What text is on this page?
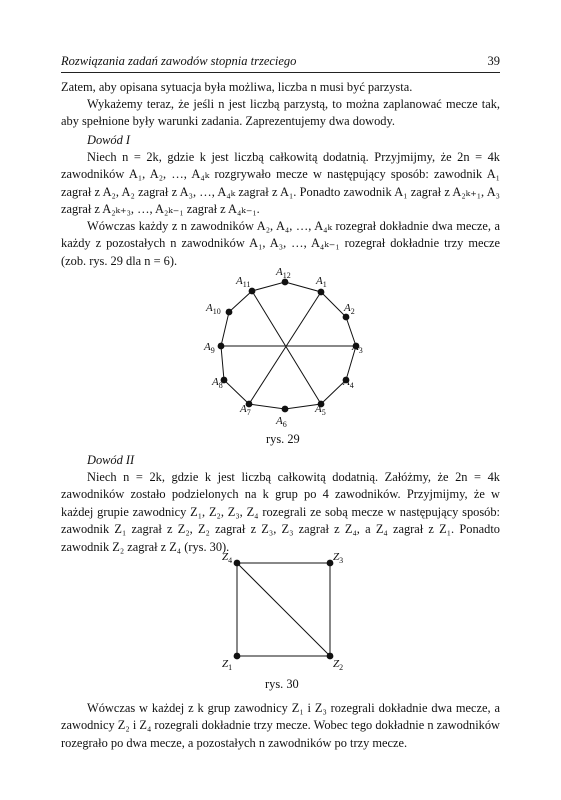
Rozwiązania zadań zawodów stopnia trzeciego	39
Zatem, aby opisana sytuacja była możliwa, liczba n musi być parzysta.
Wykażemy teraz, że jeśli n jest liczbą parzystą, to można zaplanować mecze tak, aby spełnione były warunki zadania. Zaprezentujemy dwa dowody.
Dowód I
Niech n = 2k, gdzie k jest liczbą całkowitą dodatnią. Przyjmijmy, że 2n = 4k zawodników A₁, A₂, …, A₄ₖ rozgrywało mecze w następujący sposób: zawodnik A₁ zagrał z A₂, A₂ zagrał z A₃, …, A₄ₖ zagrał z A₁. Ponadto zawodnik A₁ zagrał z A₂ₖ₊₁, A₃ zagrał z A₂ₖ₊₃, …, A₂ₖ₋₁ zagrał z A₄ₖ₋₁.
Wówczas każdy z n zawodników A₂, A₄, …, A₄ₖ rozegrał dokładnie dwa mecze, a każdy z pozostałych n zawodników A₁, A₃, …, A₄ₖ₋₁ rozegrał dokładnie trzy mecze (zob. rys. 29 dla n = 6).
$A_{12}$ $A_1$
$A_2$
$A_3$
$A_4$
$A_5$
$A_6$
$A_7$
$A_8$
$A_9$
$A_{10}$
$A_{11}$
$Z_4$	$Z_3$
$Z_1$	$Z_2$
rys. 29
Dowód II
Niech n = 2k, gdzie k jest liczbą całkowitą dodatnią. Załóżmy, że 2n = 4k zawodników zostało podzielonych na k grup po 4 zawodników. Przyjmijmy, że w każdej grupie zawodnicy Z₁, Z₂, Z₃, Z₄ rozegrali ze sobą mecze w następujący sposób: zawodnik Z₁ zagrał z Z₂, Z₂ zagrał z Z₃, Z₃ zagrał z Z₄, a Z₄ zagrał z Z₁. Ponadto zawodnik Z₂ zagrał z Z₄ (rys. 30).
rys. 30
Wówczas w każdej z k grup zawodnicy Z₁ i Z₃ rozegrali dokładnie dwa mecze, a zawodnicy Z₂ i Z₄ rozegrali dokładnie trzy mecze. Wobec tego dokładnie n zawodników rozegrało po dwa mecze, a pozostałych n zawodników po trzy mecze.
